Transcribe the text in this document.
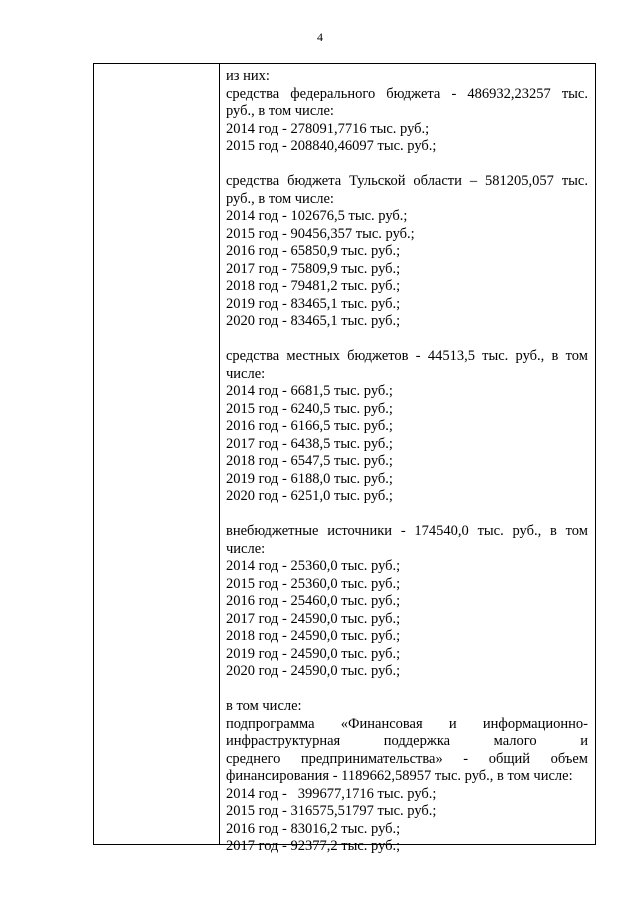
4
из них:
средства федерального бюджета - 486932,23257 тыс.
руб., в том числе:
2014 год - 278091,7716 тыс. руб.;
2015 год - 208840,46097 тыс. руб.;
средства бюджета Тульской области – 581205,057 тыс.
руб., в том числе:
2014 год - 102676,5 тыс. руб.;
2015 год - 90456,357 тыс. руб.;
2016 год - 65850,9 тыс. руб.;
2017 год - 75809,9 тыс. руб.;
2018 год - 79481,2 тыс. руб.;
2019 год - 83465,1 тыс. руб.;
2020 год - 83465,1 тыс. руб.;
средства местных бюджетов - 44513,5 тыс. руб., в том
числе:
2014 год - 6681,5 тыс. руб.;
2015 год - 6240,5 тыс. руб.;
2016 год - 6166,5 тыс. руб.;
2017 год - 6438,5 тыс. руб.;
2018 год - 6547,5 тыс. руб.;
2019 год - 6188,0 тыс. руб.;
2020 год - 6251,0 тыс. руб.;
внебюджетные источники - 174540,0 тыс. руб., в том
числе:
2014 год - 25360,0 тыс. руб.;
2015 год - 25360,0 тыс. руб.;
2016 год - 25460,0 тыс. руб.;
2017 год - 24590,0 тыс. руб.;
2018 год - 24590,0 тыс. руб.;
2019 год - 24590,0 тыс. руб.;
2020 год - 24590,0 тыс. руб.;
в том числе:
подпрограмма «Финансовая и информационно-
инфраструктурная	поддержка	малого	и
среднего предпринимательства» - общий объем
финансирования - 1189662,58957 тыс. руб., в том числе:
2014 год -   399677,1716 тыс. руб.;
2015 год - 316575,51797 тыс. руб.;
2016 год - 83016,2 тыс. руб.;
2017 год - 92377,2 тыс. руб.;
